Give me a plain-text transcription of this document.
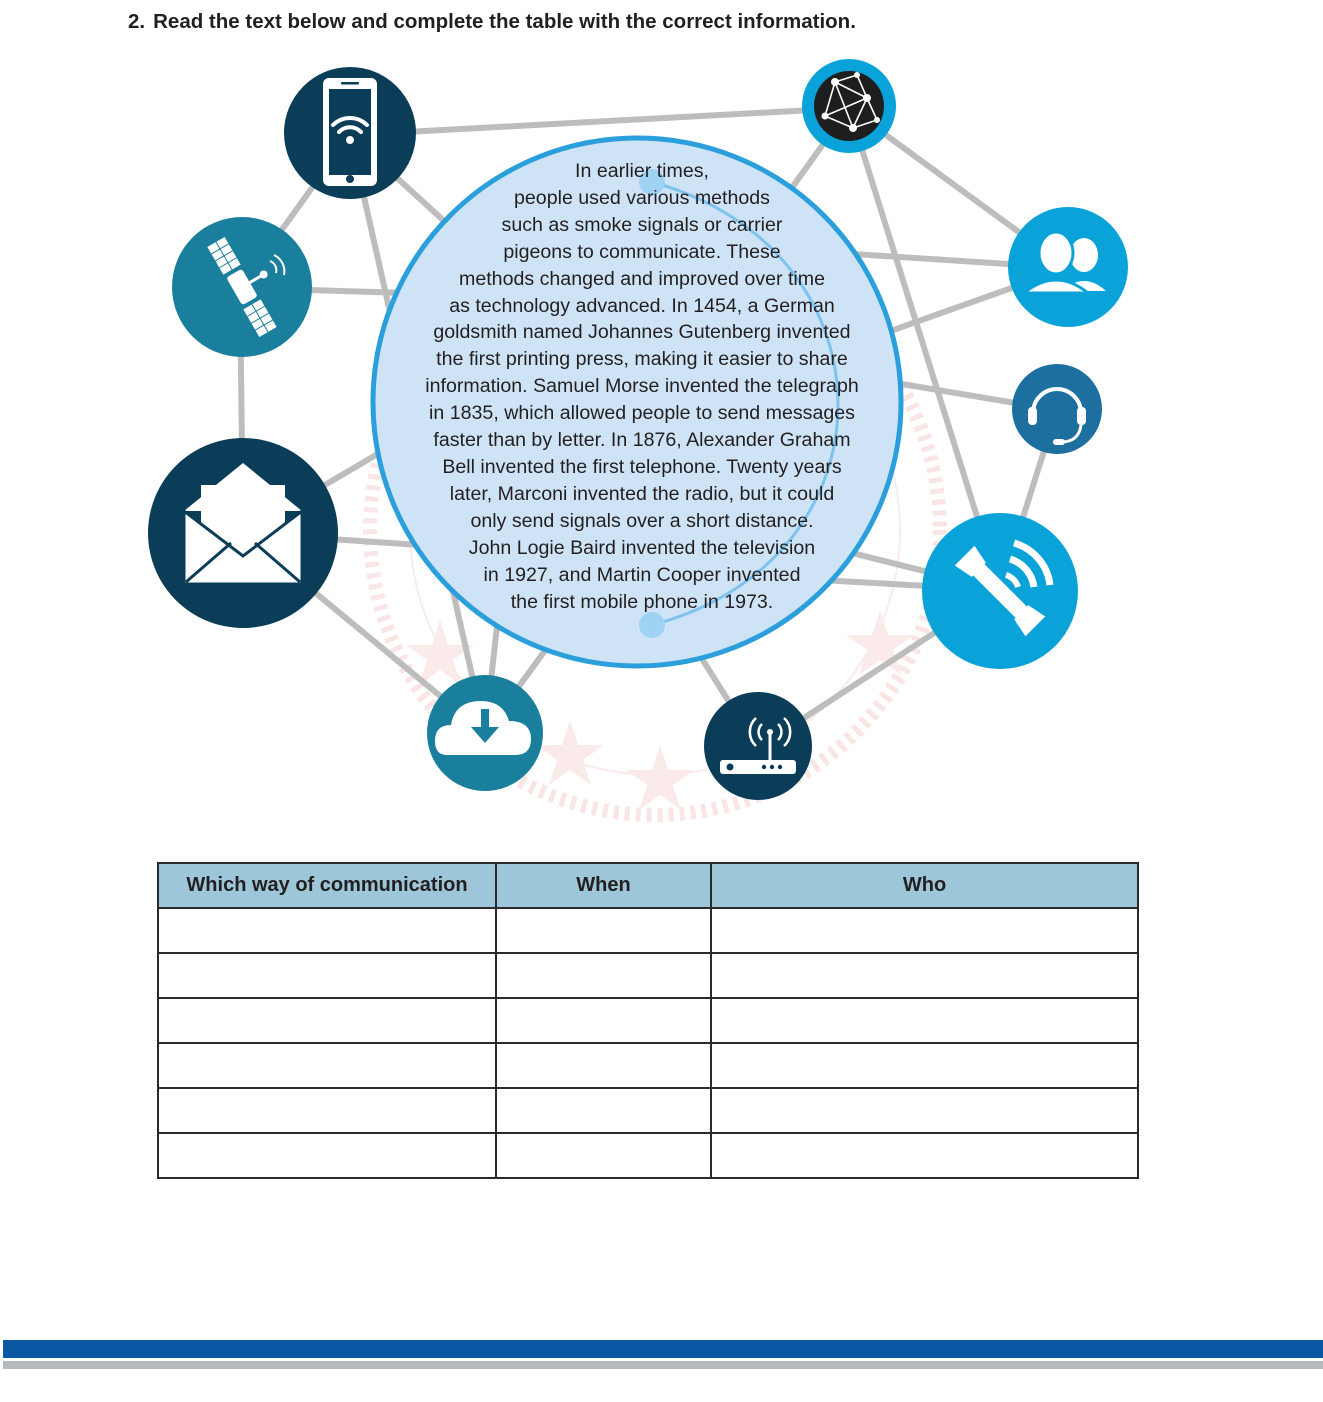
2. Read the text below and complete the table with the correct information.
In earlier times,
people used various methods
such as smoke signals or carrier
pigeons to communicate. These
methods changed and improved over time
as technology advanced. In 1454, a German
goldsmith named Johannes Gutenberg invented
the first printing press, making it easier to share
information. Samuel Morse invented the telegraph
in 1835, which allowed people to send messages
faster than by letter. In 1876, Alexander Graham
Bell invented the first telephone. Twenty years
later, Marconi invented the radio, but it could
only send signals over a short distance.
John Logie Baird invented the television
in 1927, and Martin Cooper invented
the first mobile phone in 1973.
Which way of communication	When	Who
